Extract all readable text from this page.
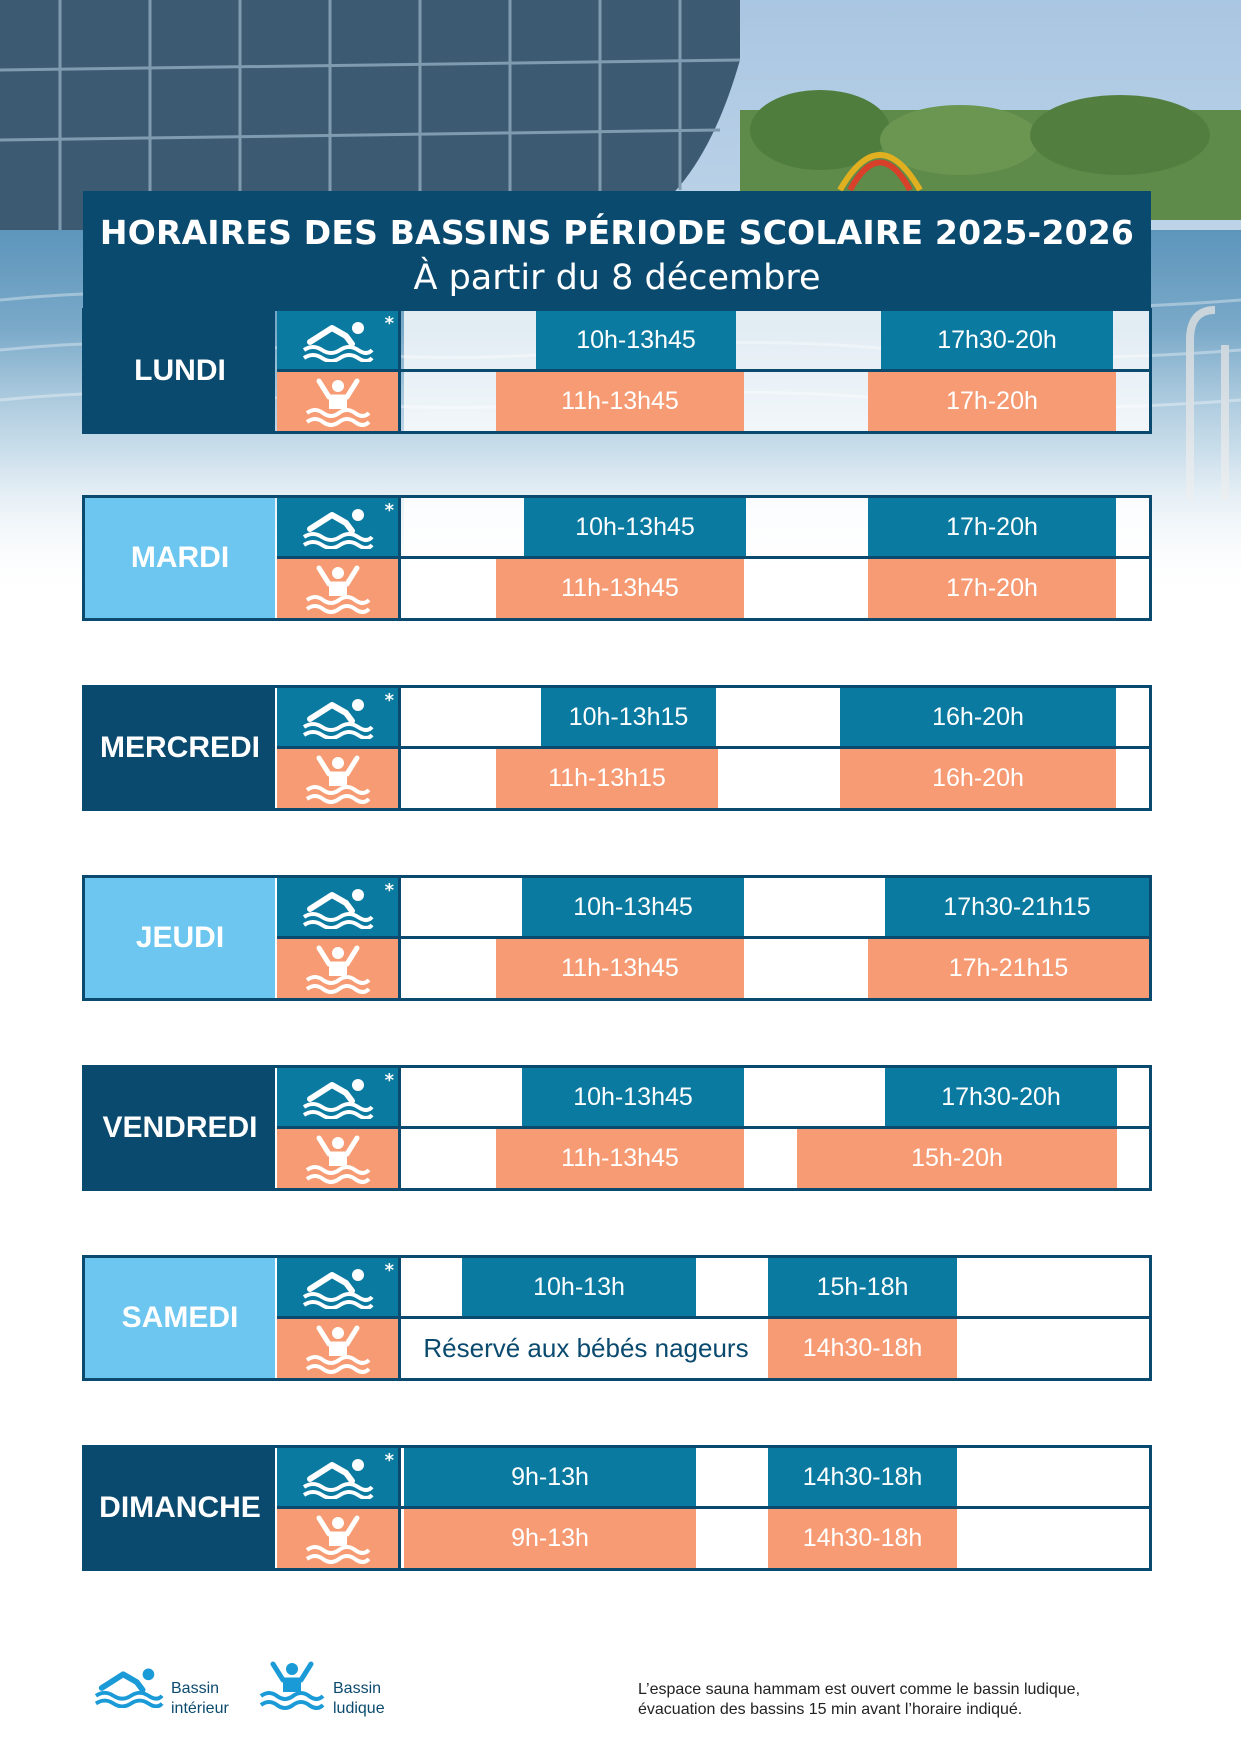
HORAIRES DES BASSINS PÉRIODE SCOLAIRE 2025-2026
À partir du 8 décembre
LUNDI
*
10h-13h45	17h30-20h
11h-13h45	17h-20h
MARDI
*
10h-13h45	17h-20h
11h-13h45	17h-20h
MERCREDI
*
10h-13h15	16h-20h
11h-13h15	16h-20h
JEUDI
*
10h-13h45	17h30-21h15
11h-13h45	17h-21h15
VENDREDI
*
10h-13h45	17h30-20h
11h-13h45	15h-20h
SAMEDI
*
10h-13h	15h-18h
Réservé aux bébés nageurs	14h30-18h
DIMANCHE
*
9h-13h	14h30-18h
9h-13h	14h30-18h
Bassin
intérieur
Bassin
ludique
L’espace sauna hammam est ouvert comme le bassin ludique,
évacuation des bassins 15 min avant l’horaire indiqué.
